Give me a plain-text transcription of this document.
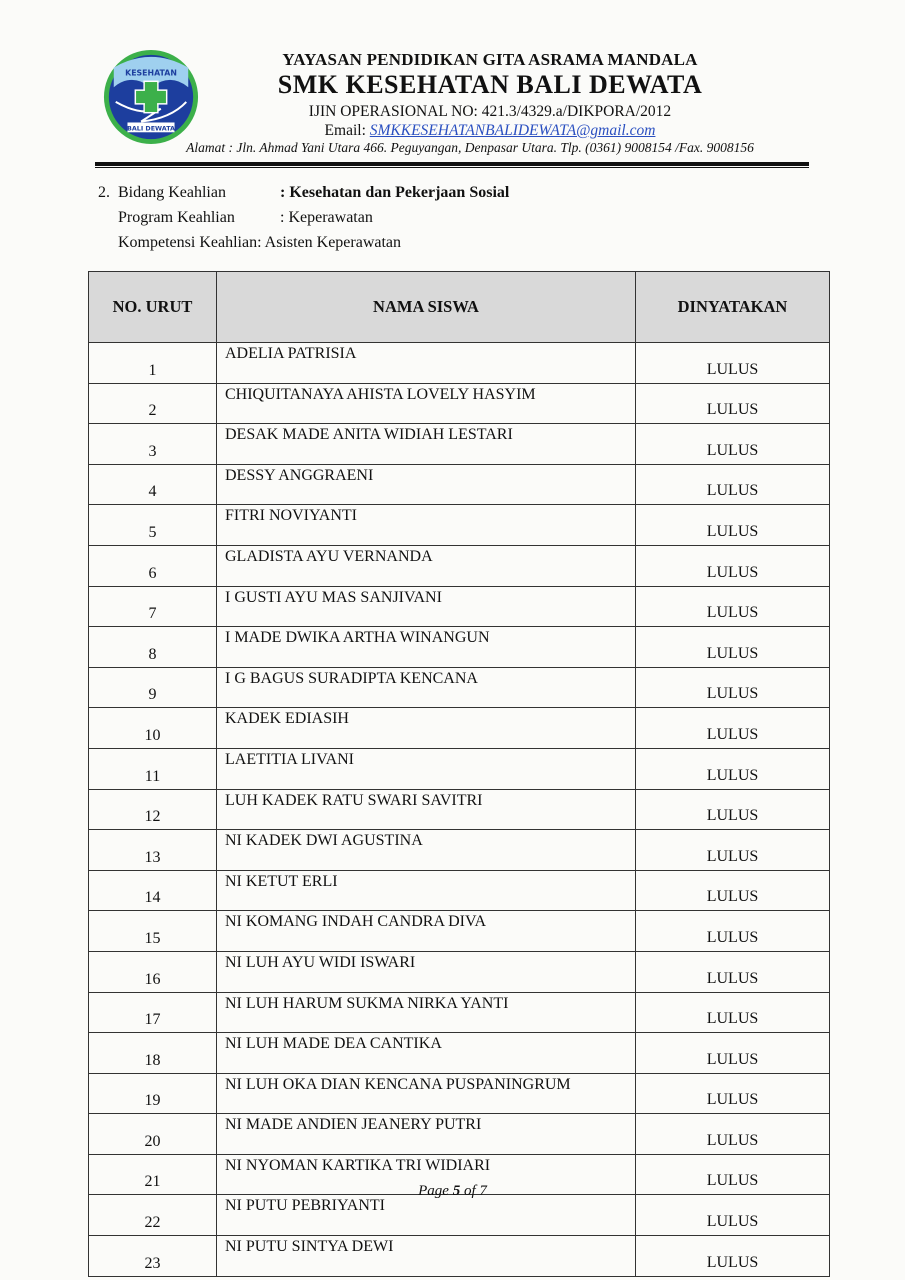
KESEHATAN
BALI DEWATA
YAYASAN PENDIDIKAN GITA ASRAMA MANDALA
SMK KESEHATAN BALI DEWATA
IJIN OPERASIONAL NO: 421.3/4329.a/DIKPORA/2012
Email: SMKKESEHATANBALIDEWATA@gmail.com
Alamat : Jln. Ahmad Yani Utara 466. Peguyangan, Denpasar Utara. Tlp. (0361) 9008154 /Fax. 9008156
2. Bidang Keahlian	: Kesehatan dan Pekerjaan Sosial
Program Keahlian	: Keperawatan
Kompetensi Keahlian : Asisten Keperawatan
NO. URUT	NAMA SISWA	DINYATAKAN
1	ADELIA PATRISIA	LULUS
2	CHIQUITANAYA AHISTA LOVELY HASYIM	LULUS
3	DESAK MADE ANITA WIDIAH LESTARI	LULUS
4	DESSY ANGGRAENI	LULUS
5	FITRI NOVIYANTI	LULUS
6	GLADISTA AYU VERNANDA	LULUS
7	I GUSTI AYU MAS SANJIVANI	LULUS
8	I MADE DWIKA ARTHA WINANGUN	LULUS
9	I G BAGUS SURADIPTA KENCANA	LULUS
10	KADEK EDIASIH	LULUS
11	LAETITIA LIVANI	LULUS
12	LUH KADEK RATU SWARI SAVITRI	LULUS
13	NI KADEK DWI AGUSTINA	LULUS
14	NI KETUT ERLI	LULUS
15	NI KOMANG INDAH CANDRA DIVA	LULUS
16	NI LUH AYU WIDI ISWARI	LULUS
17	NI LUH HARUM SUKMA NIRKA YANTI	LULUS
18	NI LUH MADE DEA CANTIKA	LULUS
19	NI LUH OKA DIAN KENCANA PUSPANINGRUM	LULUS
20	NI MADE ANDIEN JEANERY PUTRI	LULUS
21	NI NYOMAN KARTIKA TRI WIDIARI	LULUS
22	NI PUTU PEBRIYANTI	LULUS
23	NI PUTU SINTYA DEWI	LULUS
Page 5 of 7
